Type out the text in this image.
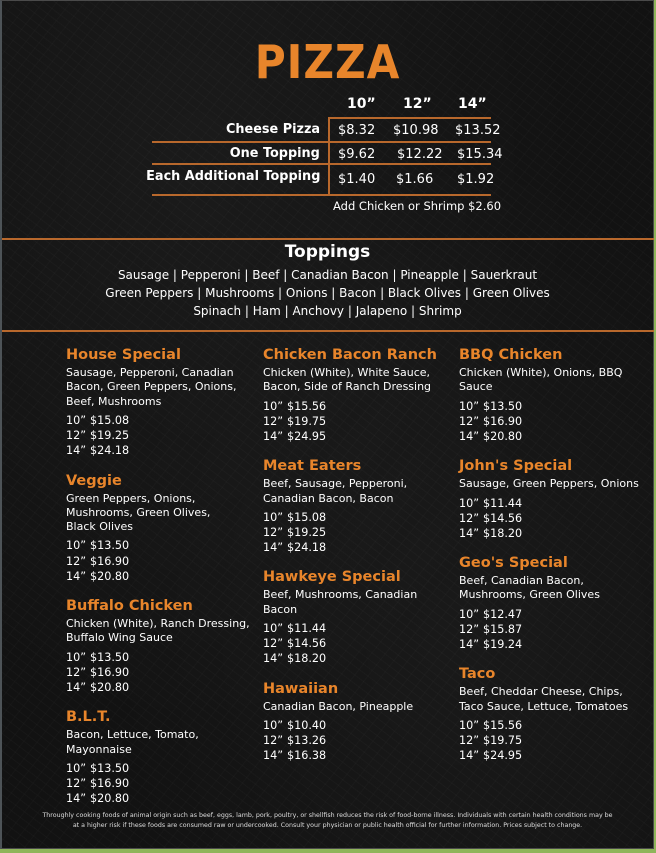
PIZZA
10” 12” 14”
Cheese Pizza $8.32 $10.98 $13.52
One Topping $9.62 $12.22 $15.34
Each Additional Topping $1.40 $1.66 $1.92
Add Chicken or Shrimp $2.60
Toppings
Sausage | Pepperoni | Beef | Canadian Bacon | Pineapple | Sauerkraut
Green Peppers | Mushrooms | Onions | Bacon | Black Olives | Green Olives
Spinach | Ham | Anchovy | Jalapeno | Shrimp
House Special
Sausage, Pepperoni, Canadian Bacon, Green Peppers, Onions, Beef, Mushrooms
10” $15.08
12” $19.25
14” $24.18
Veggie
Green Peppers, Onions, Mushrooms, Green Olives, Black Olives
10” $13.50
12” $16.90
14” $20.80
Buffalo Chicken
Chicken (White), Ranch Dressing, Buffalo Wing Sauce
10” $13.50
12” $16.90
14” $20.80
B.L.T.
Bacon, Lettuce, Tomato, Mayonnaise
10” $13.50
12” $16.90
14” $20.80
Chicken Bacon Ranch
Chicken (White), White Sauce, Bacon, Side of Ranch Dressing
10” $15.56
12” $19.75
14” $24.95
Meat Eaters
Beef, Sausage, Pepperoni, Canadian Bacon, Bacon
10” $15.08
12” $19.25
14” $24.18
Hawkeye Special
Beef, Mushrooms, Canadian Bacon
10” $11.44
12” $14.56
14” $18.20
Hawaiian
Canadian Bacon, Pineapple
10” $10.40
12” $13.26
14” $16.38
BBQ Chicken
Chicken (White), Onions, BBQ Sauce
10” $13.50
12” $16.90
14” $20.80
John's Special
Sausage, Green Peppers, Onions
10” $11.44
12” $14.56
14” $18.20
Geo's Special
Beef, Canadian Bacon, Mushrooms, Green Olives
10” $12.47
12” $15.87
14” $19.24
Taco
Beef, Cheddar Cheese, Chips, Taco Sauce, Lettuce, Tomatoes
10” $15.56
12” $19.75
14” $24.95
Throughly cooking foods of animal origin such as beef, eggs, lamb, pork, poultry, or shellfish reduces the risk of food-borne illness. Individuals with certain health conditions may be at a higher risk if these foods are consumed raw or undercooked. Consult your physician or public health official for further information. Prices subject to change.
